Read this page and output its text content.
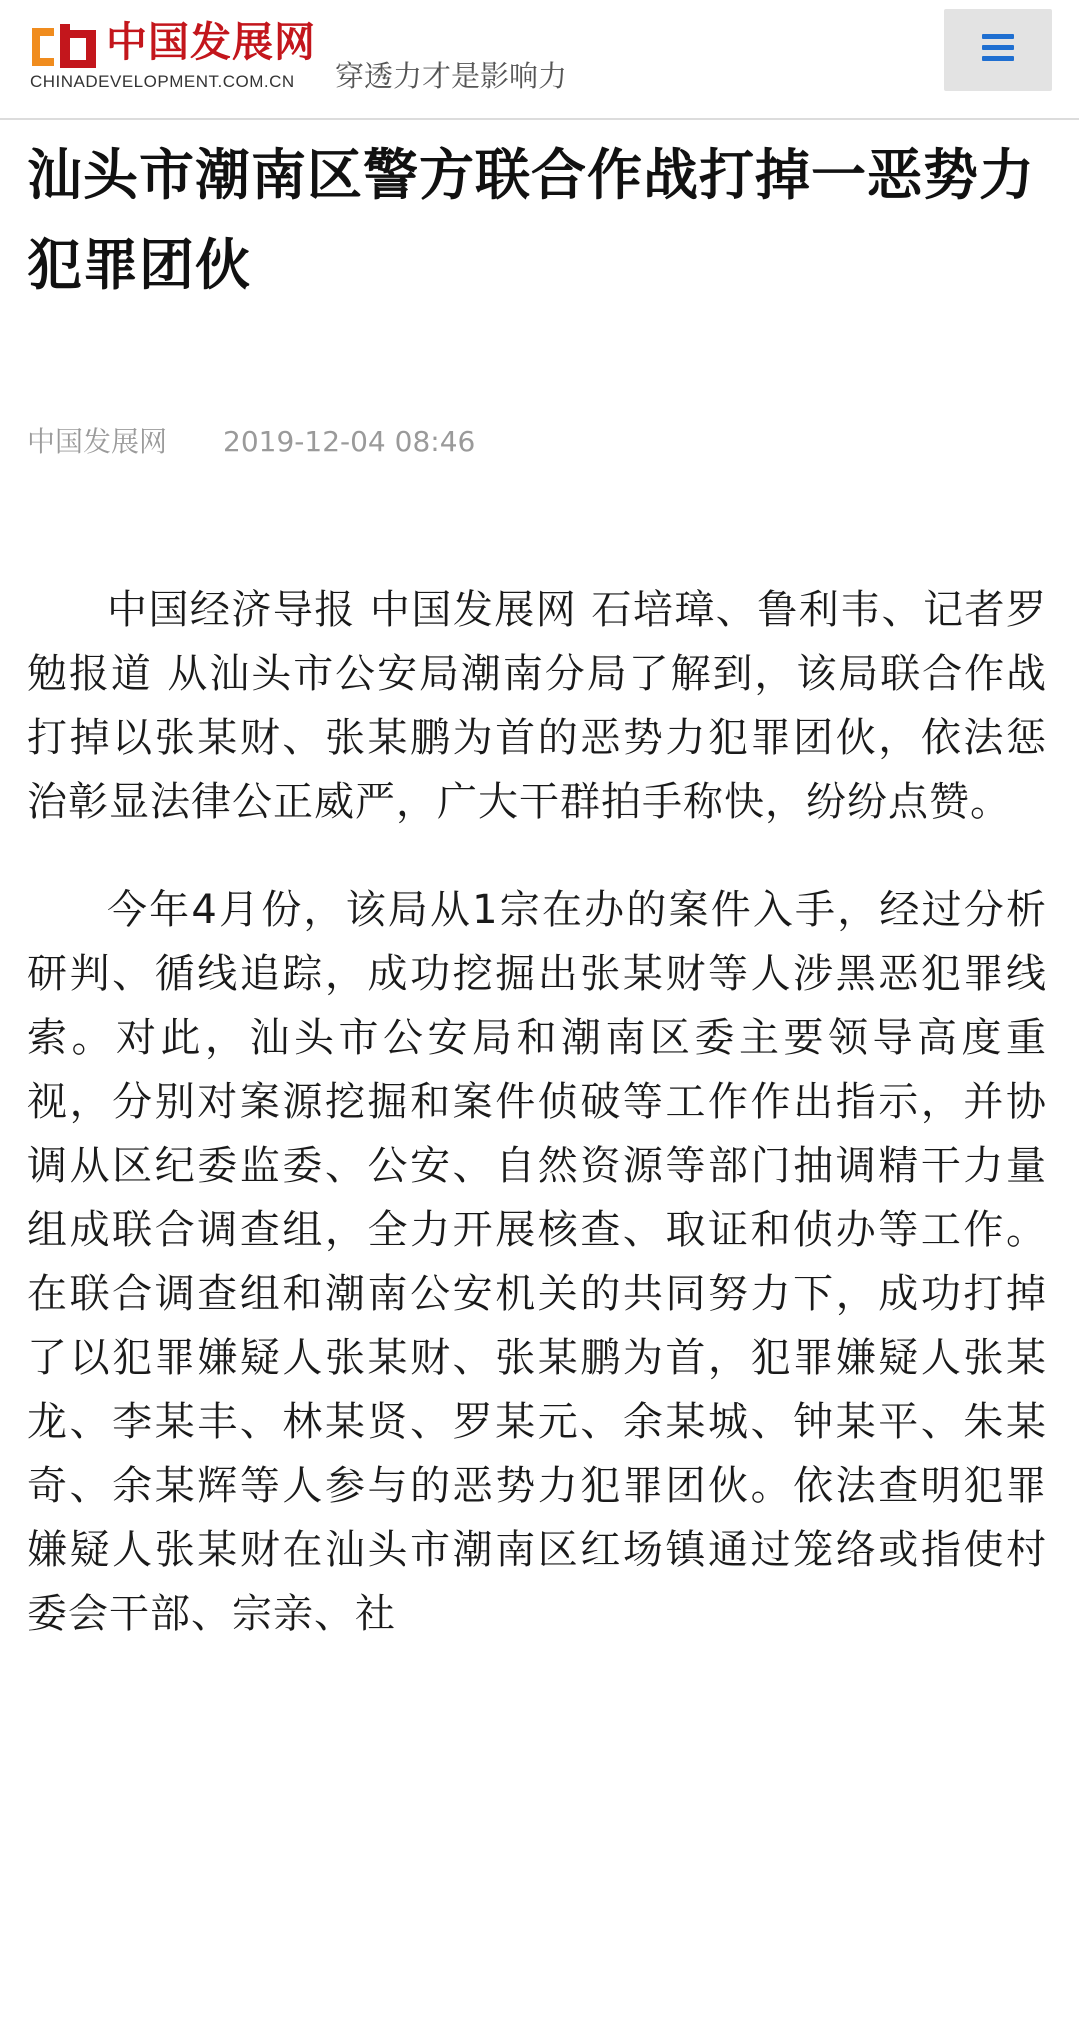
中国发展网
CHINADEVELOPMENT.COM.CN 穿透力才是影响力
汕头市潮南区警方联合作战打掉一恶势力犯罪团伙
中国发展网 2019-12-04 08:46

中国经济导报 中国发展网 石培璋、鲁利韦、记者罗勉报道 从汕头市公安局潮南分局了解到，该局联合作战打掉以张某财、张某鹏为首的恶势力犯罪团伙，依法惩治彰显法律公正威严，广大干群拍手称快，纷纷点赞。

今年4月份，该局从1宗在办的案件入手，经过分析研判、循线追踪，成功挖掘出张某财等人涉黑恶犯罪线索。对此，汕头市公安局和潮南区委主要领导高度重视，分别对案源挖掘和案件侦破等工作作出指示，并协调从区纪委监委、公安、自然资源等部门抽调精干力量组成联合调查组，全力开展核查、取证和侦办等工作。在联合调查组和潮南公安机关的共同努力下，成功打掉了以犯罪嫌疑人张某财、张某鹏为首，犯罪嫌疑人张某龙、李某丰、林某贤、罗某元、余某城、钟某平、朱某奇、余某辉等人参与的恶势力犯罪团伙。依法查明犯罪嫌疑人张某财在汕头市潮南区红场镇通过笼络或指使村委会干部、宗亲、社
